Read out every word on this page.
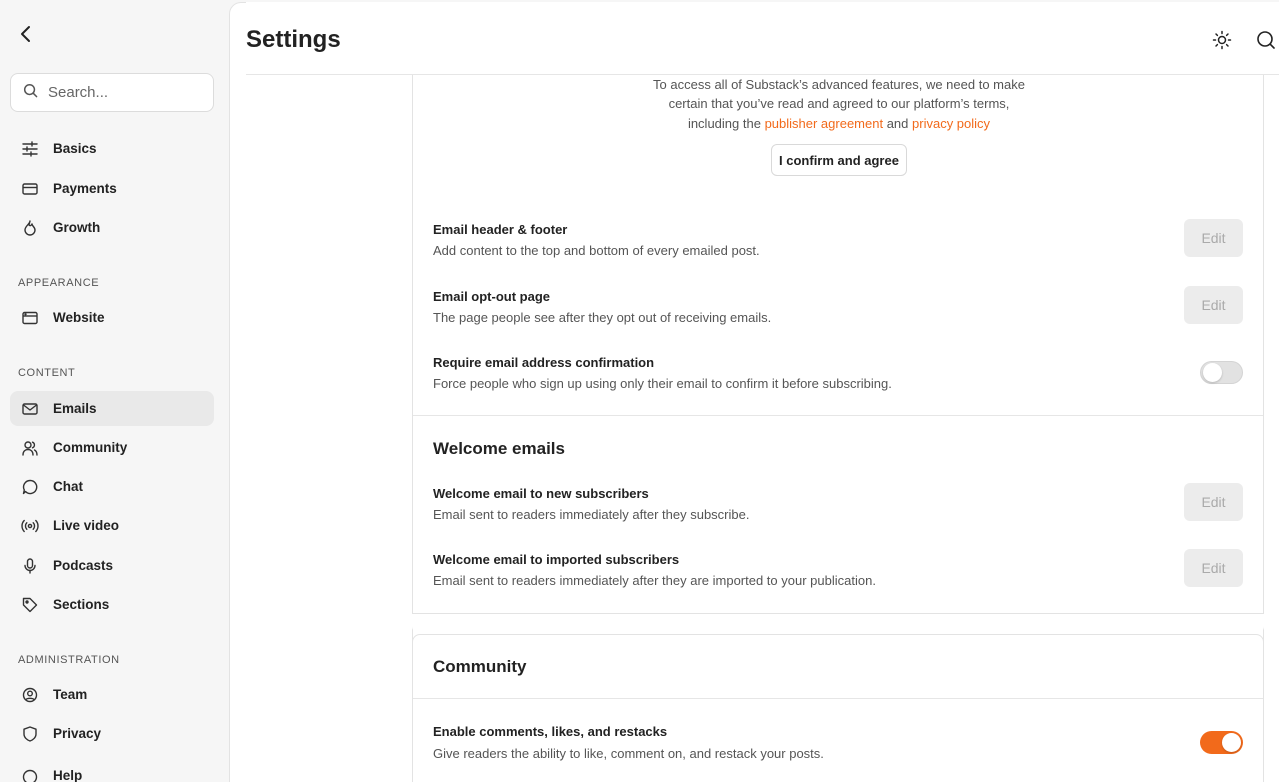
Search...
Basics
Payments
Growth
APPEARANCE
Website
CONTENT
Emails
Community
Chat
Live video
Podcasts
Sections
ADMINISTRATION
Team
Privacy
Help
To access all of Substack’s advanced features, we need to make
certain that you’ve read and agreed to our platform’s terms,
including the publisher agreement and privacy policy
I confirm and agree
Email header & footer
Add content to the top and bottom of every emailed post.
Edit
Email opt-out page
The page people see after they opt out of receiving emails.
Edit
Require email address confirmation
Force people who sign up using only their email to confirm it before subscribing.
Welcome emails
Welcome email to new subscribers
Email sent to readers immediately after they subscribe.
Edit
Welcome email to imported subscribers
Email sent to readers immediately after they are imported to your publication.
Edit
Community
Enable comments, likes, and restacks
Give readers the ability to like, comment on, and restack your posts.
Settings
